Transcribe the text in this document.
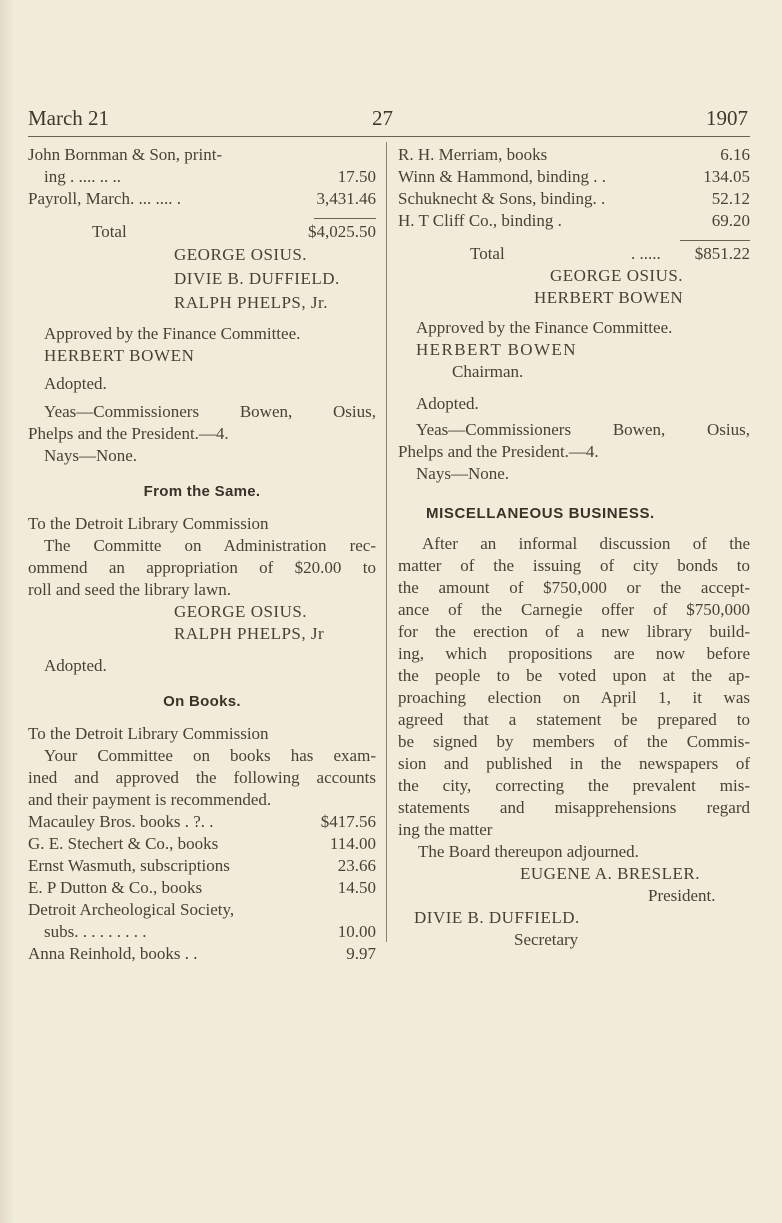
March 21	27	1907
John Bornman & Son, print-
ing . .... .. ..	17.50
Payroll, March. ... .... .	3,431.46
Total	$4,025.50
GEORGE OSIUS.
DIVIE B. DUFFIELD.
RALPH PHELPS, Jr.
Approved by the Finance Committee.
HERBERT BOWEN
Adopted.
Yeas—Commissioners Bowen, Osius,
Phelps and the President.—4.
Nays—None.
From the Same.
To the Detroit Library Commission
The Committe on Administration rec-
ommend an appropriation of $20.00 to
roll and seed the library lawn.
GEORGE OSIUS.
RALPH PHELPS, Jr
Adopted.
On Books.
To the Detroit Library Commission
Your Committee on books has exam-
ined and approved the following accounts
and their payment is recommended.
Macauley Bros. books . ?. .	$417.56
G. E. Stechert & Co., books	114.00
Ernst Wasmuth, subscriptions	23.66
E. P Dutton & Co., books	14.50
Detroit Archeological Society,
subs. . . . . . . . .	10.00
Anna Reinhold, books . .	9.97
R. H. Merriam, books	6.16
Winn & Hammond, binding . .	134.05
Schuknecht & Sons, binding. .	52.12
H. T Cliff Co., binding .	69.20
Total	. ..... $851.22
GEORGE OSIUS.
HERBERT BOWEN
Approved by the Finance Committee.
HERBERT BOWEN
Chairman.
Adopted.
Yeas—Commissioners Bowen, Osius,
Phelps and the President.—4.
Nays—None.
MISCELLANEOUS BUSINESS.
After an informal discussion of the
matter of the issuing of city bonds to
the amount of $750,000 or the accept-
ance of the Carnegie offer of $750,000
for the erection of a new library build-
ing, which propositions are now before
the people to be voted upon at the ap-
proaching election on April 1, it was
agreed that a statement be prepared to
be signed by members of the Commis-
sion and published in the newspapers of
the city, correcting the prevalent mis-
statements and misapprehensions regard
ing the matter
The Board thereupon adjourned.
EUGENE A. BRESLER.
President.
DIVIE B. DUFFIELD.
Secretary
